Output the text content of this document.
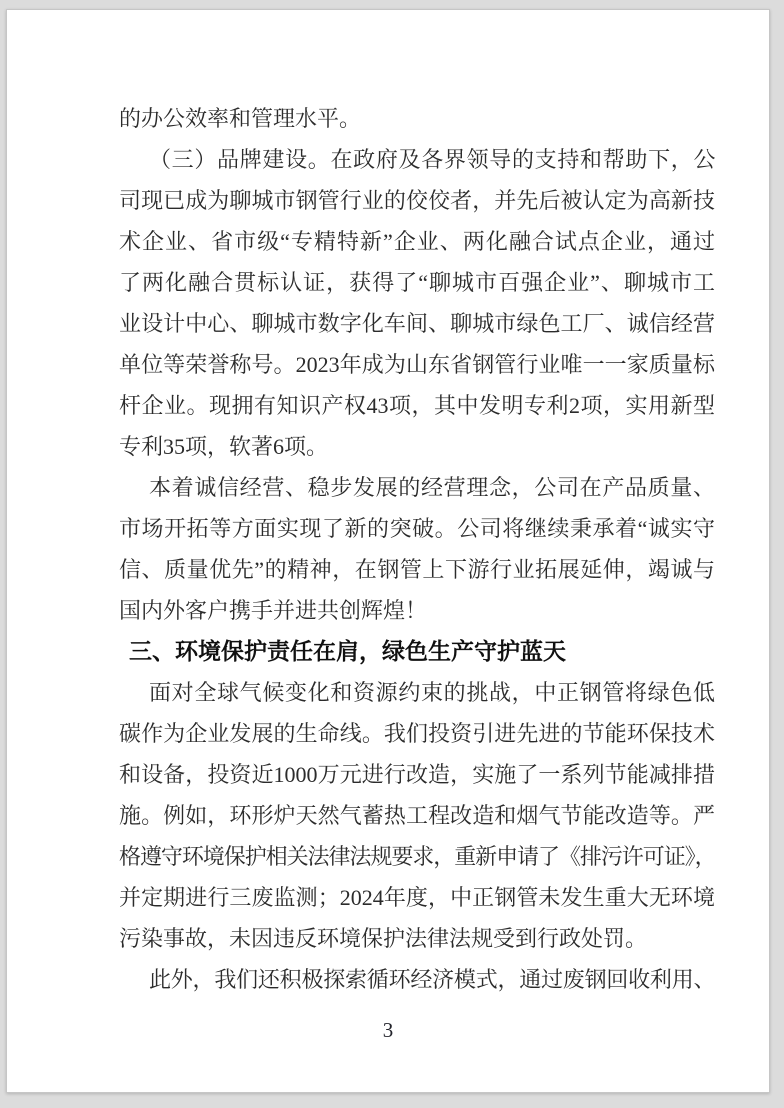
的办公效率和管理水平。
（三）品牌建设。在政府及各界领导的支持和帮助下，公
司现已成为聊城市钢管行业的佼佼者，并先后被认定为高新技
术企业、省市级“专精特新”企业、两化融合试点企业，通过
了两化融合贯标认证，获得了“聊城市百强企业”、聊城市工
业设计中心、聊城市数字化车间、聊城市绿色工厂、诚信经营
单位等荣誉称号。2023年成为山东省钢管行业唯一一家质量标
杆企业。现拥有知识产权43项，其中发明专利2项，实用新型
专利35项，软著6项。
本着诚信经营、稳步发展的经营理念，公司在产品质量、
市场开拓等方面实现了新的突破。公司将继续秉承着“诚实守
信、质量优先”的精神，在钢管上下游行业拓展延伸，竭诚与
国内外客户携手并进共创辉煌！
三、环境保护责任在肩，绿色生产守护蓝天
面对全球气候变化和资源约束的挑战，中正钢管将绿色低
碳作为企业发展的生命线。我们投资引进先进的节能环保技术
和设备，投资近1000万元进行改造，实施了一系列节能减排措
施。例如，环形炉天然气蓄热工程改造和烟气节能改造等。严
格遵守环境保护相关法律法规要求，重新申请了《排污许可证》，
并定期进行三废监测；2024年度，中正钢管未发生重大无环境
污染事故，未因违反环境保护法律法规受到行政处罚。
此外，我们还积极探索循环经济模式，通过废钢回收利用、
3
